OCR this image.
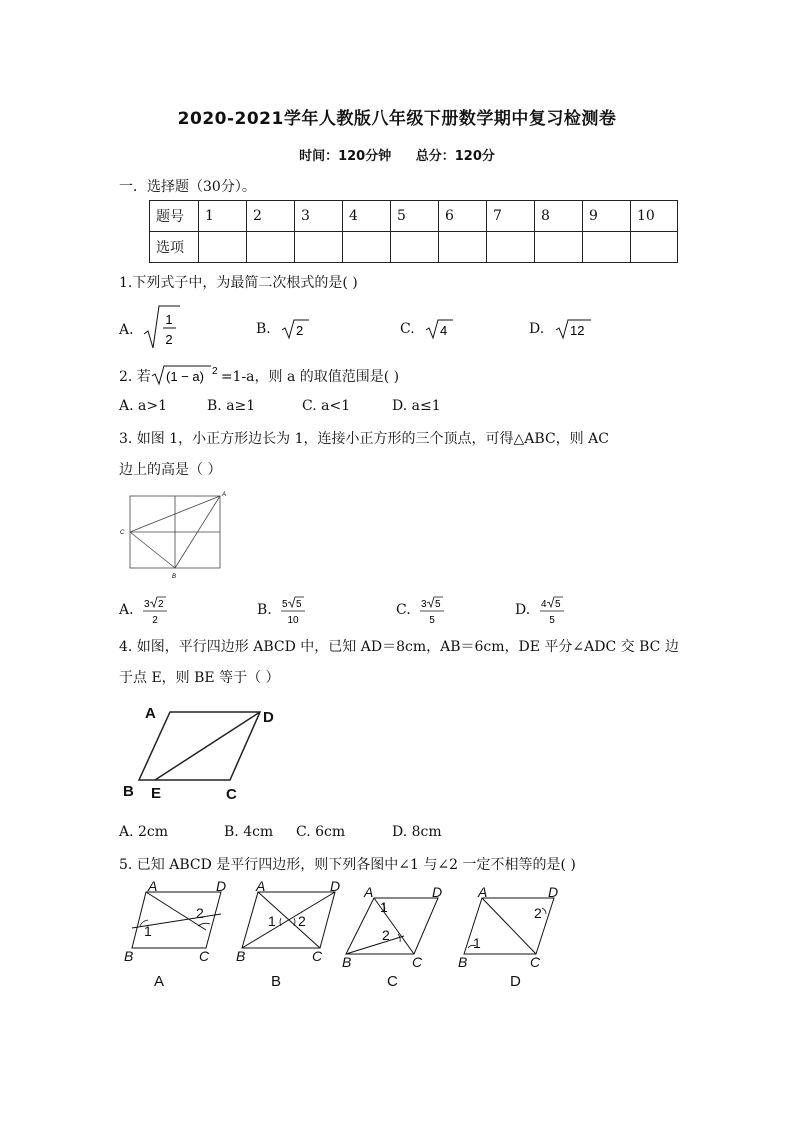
2020-2021学年人教版八年级下册数学期中复习检测卷
时间：120分钟 总分：120分
一．选择题（30分）。
题号	1	2	3	4	5	6	7	8	9	10
选项										
1.下列式子中，为最简二次根式的是( )
A.
1
2
B. 2	C. 4	D. 12
2. 若 (1 − a) 2 =1-a，则 a 的取值范围是( )
A. a>1	B. a≥1	C. a<1	D. a≤1
3. 如图 1，小正方形边长为 1，连接小正方形的三个顶点，可得△ABC，则 AC
边上的高是（ ）
A
C
B
A. 3 2
2
B. 5 5
10
C. 3 5
5
D. 4 5
5
4. 如图，平行四边形 ABCD 中，已知 AD＝8cm，AB＝6cm，DE 平分∠ADC 交 BC 边
于点 E，则 BE 等于（ ）
A	D
B E	C
A. 2cm	B. 4cm C. 6cm	D. 8cm
5. 已知 ABCD 是平行四边形，则下列各图中∠1 与∠2 一定不相等的是( )
A	D
B	C
1
2
A
A	D
B	C
1 2
B
A	D
B	C
1
2
C
A	D
B	C
1
2
D
